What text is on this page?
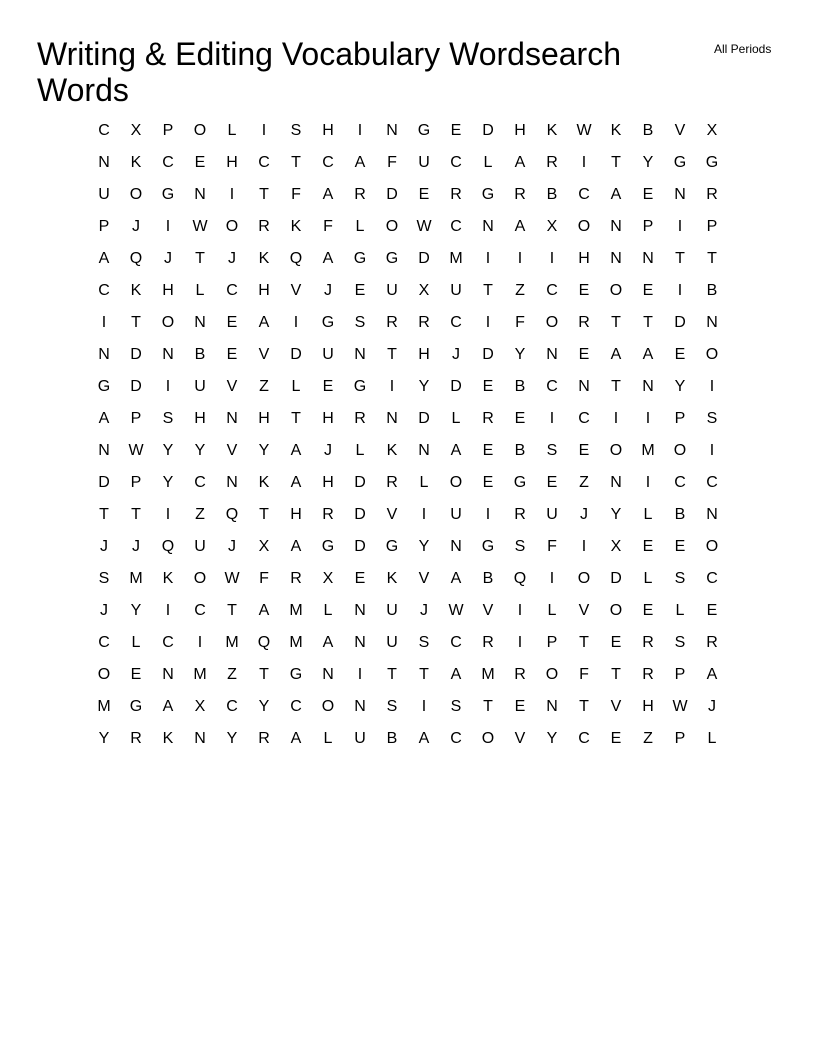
Writing & Editing Vocabulary Wordsearch Words
All Periods
C	X	P	O	L	I	S	H	I	N	G	E	D	H	K	W	K	B	V	X
N	K	C	E	H	C	T	C	A	F	U	C	L	A	R	I	T	Y	G	G
U	O	G	N	I	T	F	A	R	D	E	R	G	R	B	C	A	E	N	R
P	J	I	W	O	R	K	F	L	O	W	C	N	A	X	O	N	P	I	P
A	Q	J	T	J	K	Q	A	G	G	D	M	I	I	I	H	N	N	T	T
C	K	H	L	C	H	V	J	E	U	X	U	T	Z	C	E	O	E	I	B
I	T	O	N	E	A	I	G	S	R	R	C	I	F	O	R	T	T	D	N
N	D	N	B	E	V	D	U	N	T	H	J	D	Y	N	E	A	A	E	O
G	D	I	U	V	Z	L	E	G	I	Y	D	E	B	C	N	T	N	Y	I
A	P	S	H	N	H	T	H	R	N	D	L	R	E	I	C	I	I	P	S
N	W	Y	Y	V	Y	A	J	L	K	N	A	E	B	S	E	O	M	O	I
D	P	Y	C	N	K	A	H	D	R	L	O	E	G	E	Z	N	I	C	C
T	T	I	Z	Q	T	H	R	D	V	I	U	I	R	U	J	Y	L	B	N
J	J	Q	U	J	X	A	G	D	G	Y	N	G	S	F	I	X	E	E	O
S	M	K	O	W	F	R	X	E	K	V	A	B	Q	I	O	D	L	S	C
J	Y	I	C	T	A	M	L	N	U	J	W	V	I	L	V	O	E	L	E
C	L	C	I	M	Q	M	A	N	U	S	C	R	I	P	T	E	R	S	R
O	E	N	M	Z	T	G	N	I	T	T	A	M	R	O	F	T	R	P	A
M	G	A	X	C	Y	C	O	N	S	I	S	T	E	N	T	V	H	W	J
Y	R	K	N	Y	R	A	L	U	B	A	C	O	V	Y	C	E	Z	P	L
